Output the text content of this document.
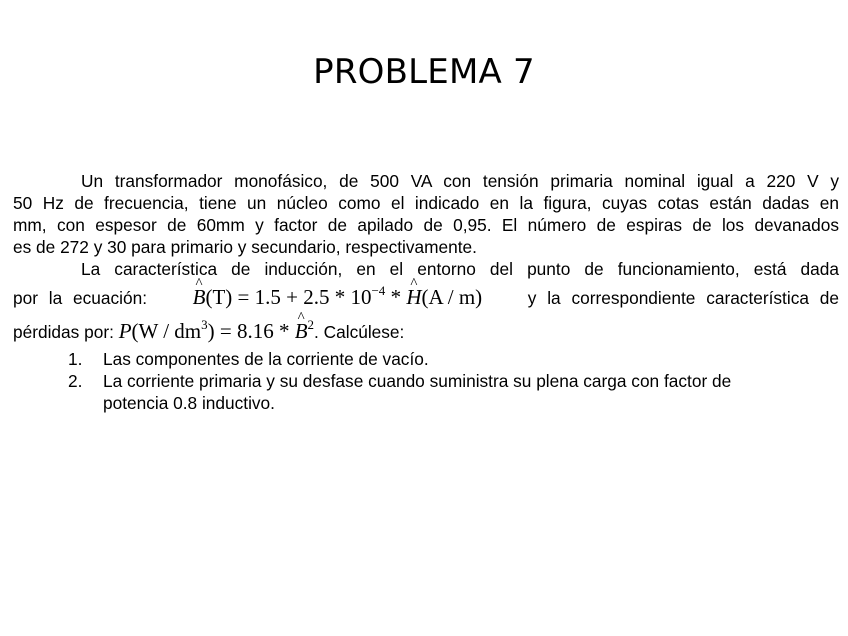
PROBLEMA 7
Un transformador monofásico, de 500 VA con tensión primaria nominal igual a 220 V y
50 Hz de frecuencia, tiene un núcleo como el indicado en la figura, cuyas cotas están dadas en
mm, con espesor de 60mm y factor de apilado de 0,95. El número de espiras de los devanados
es de 272 y 30 para primario y secundario, respectivamente.
La característica de inducción, en el entorno del punto de funcionamiento, está dada
por la ecuación:
^ $B(T) = 1.5 + 2.5 * 10^{-4}$ * ^ H(A / m)	y la correspondiente característica de
pérdidas por: $P(W / dm^3) = 8.16$ * ^ $B^2$. Calcúlese:
1. Las componentes de la corriente de vacío.
2. La corriente primaria y su desfase cuando suministra su plena carga con factor de
potencia 0.8 inductivo.
